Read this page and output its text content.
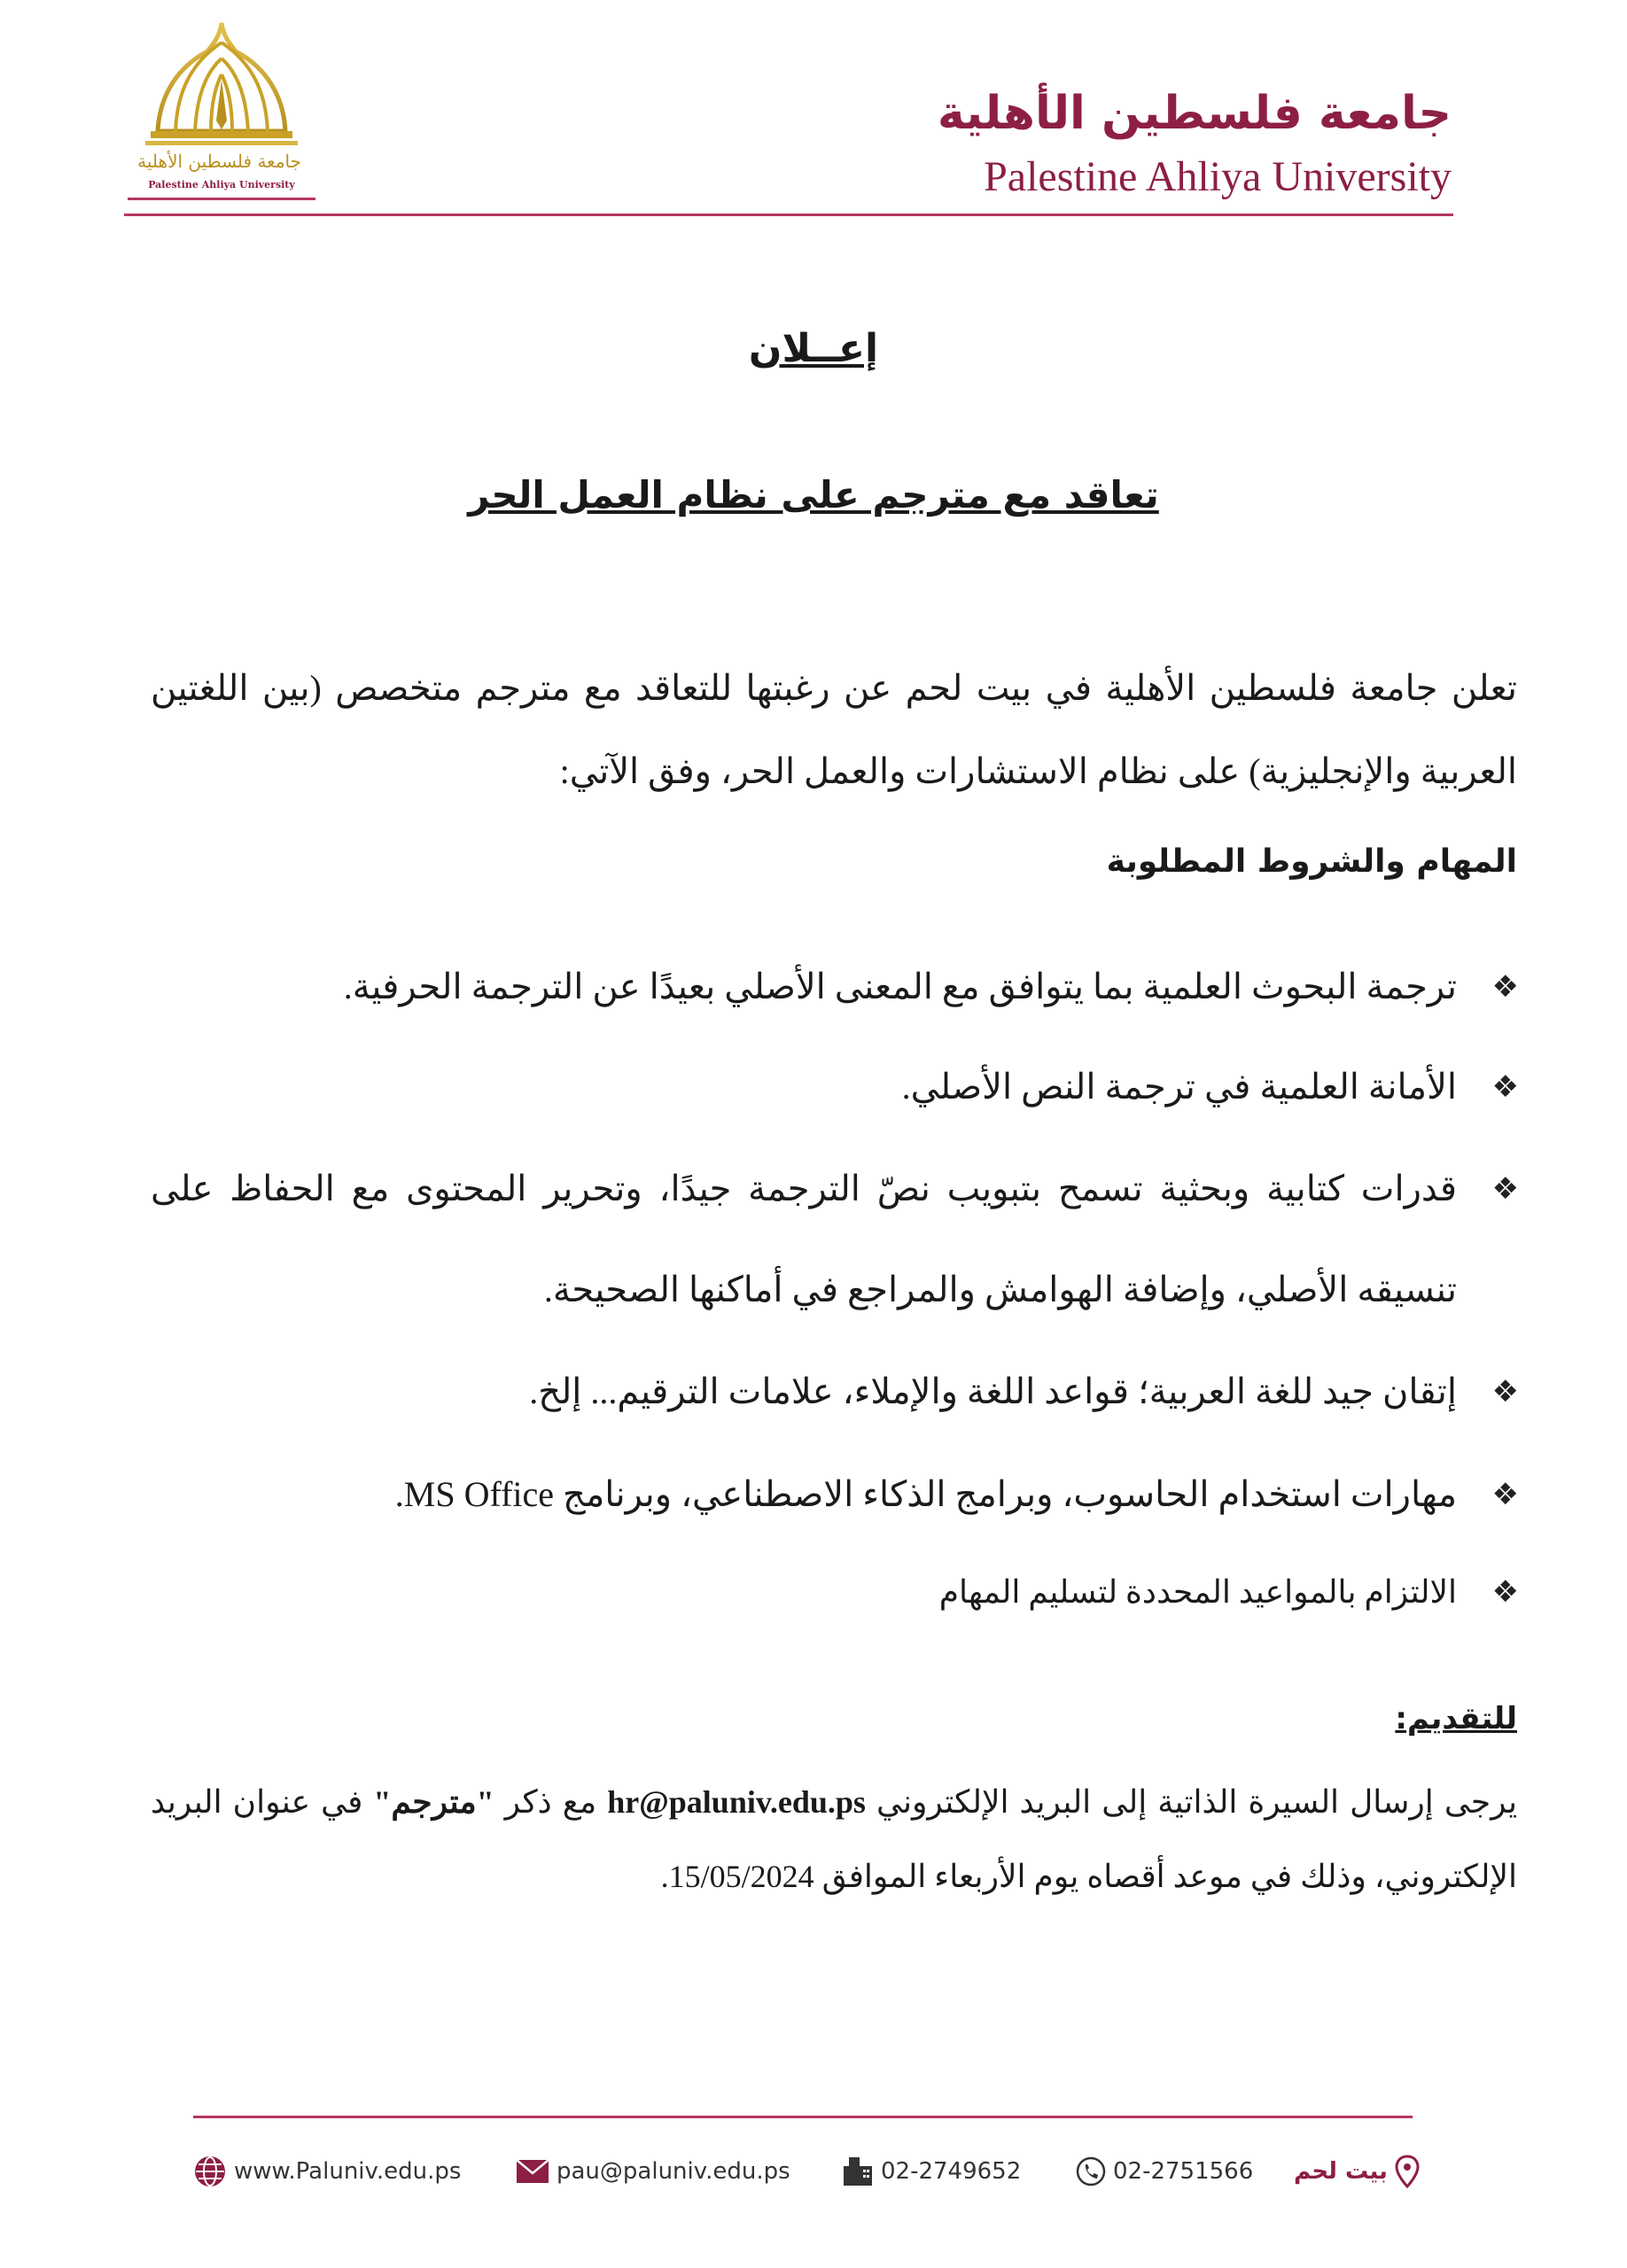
جامعة فلسطين الأهلية
Palestine Ahliya University
جامعة فلسطين الأهلية
Palestine Ahliya University
إعــلان
تعاقد مع مترجم على نظام العمل الحر

تعلن جامعة فلسطين الأهلية في بيت لحم عن رغبتها للتعاقد مع مترجم متخصص (بين اللغتين العربية والإنجليزية) على نظام الاستشارات والعمل الحر، وفق الآتي:

المهام والشروط المطلوبة
❖
ترجمة البحوث العلمية بما يتوافق مع المعنى الأصلي بعيدًا عن الترجمة الحرفية.
❖
الأمانة العلمية في ترجمة النص الأصلي.
❖
قدرات كتابية وبحثية تسمح بتبويب نصّ الترجمة جيدًا، وتحرير المحتوى مع الحفاظ على تنسيقه الأصلي، وإضافة الهوامش والمراجع في أماكنها الصحيحة.
❖
إتقان جيد للغة العربية؛ قواعد اللغة والإملاء، علامات الترقيم... إلخ.
❖
مهارات استخدام الحاسوب، وبرامج الذكاء الاصطناعي، وبرنامج MS Office.
❖
الالتزام بالمواعيد المحددة لتسليم المهام
للتقديم:

يرجى إرسال السيرة الذاتية إلى البريد الإلكتروني hr@paluniv.edu.ps مع ذكر "مترجم" في عنوان البريد الإلكتروني، وذلك في موعد أقصاه يوم الأربعاء الموافق 15/05/2024.

www.Paluniv.edu.ps	pau@paluniv.edu.ps	02-2749652	02-2751566 بيت لحم
